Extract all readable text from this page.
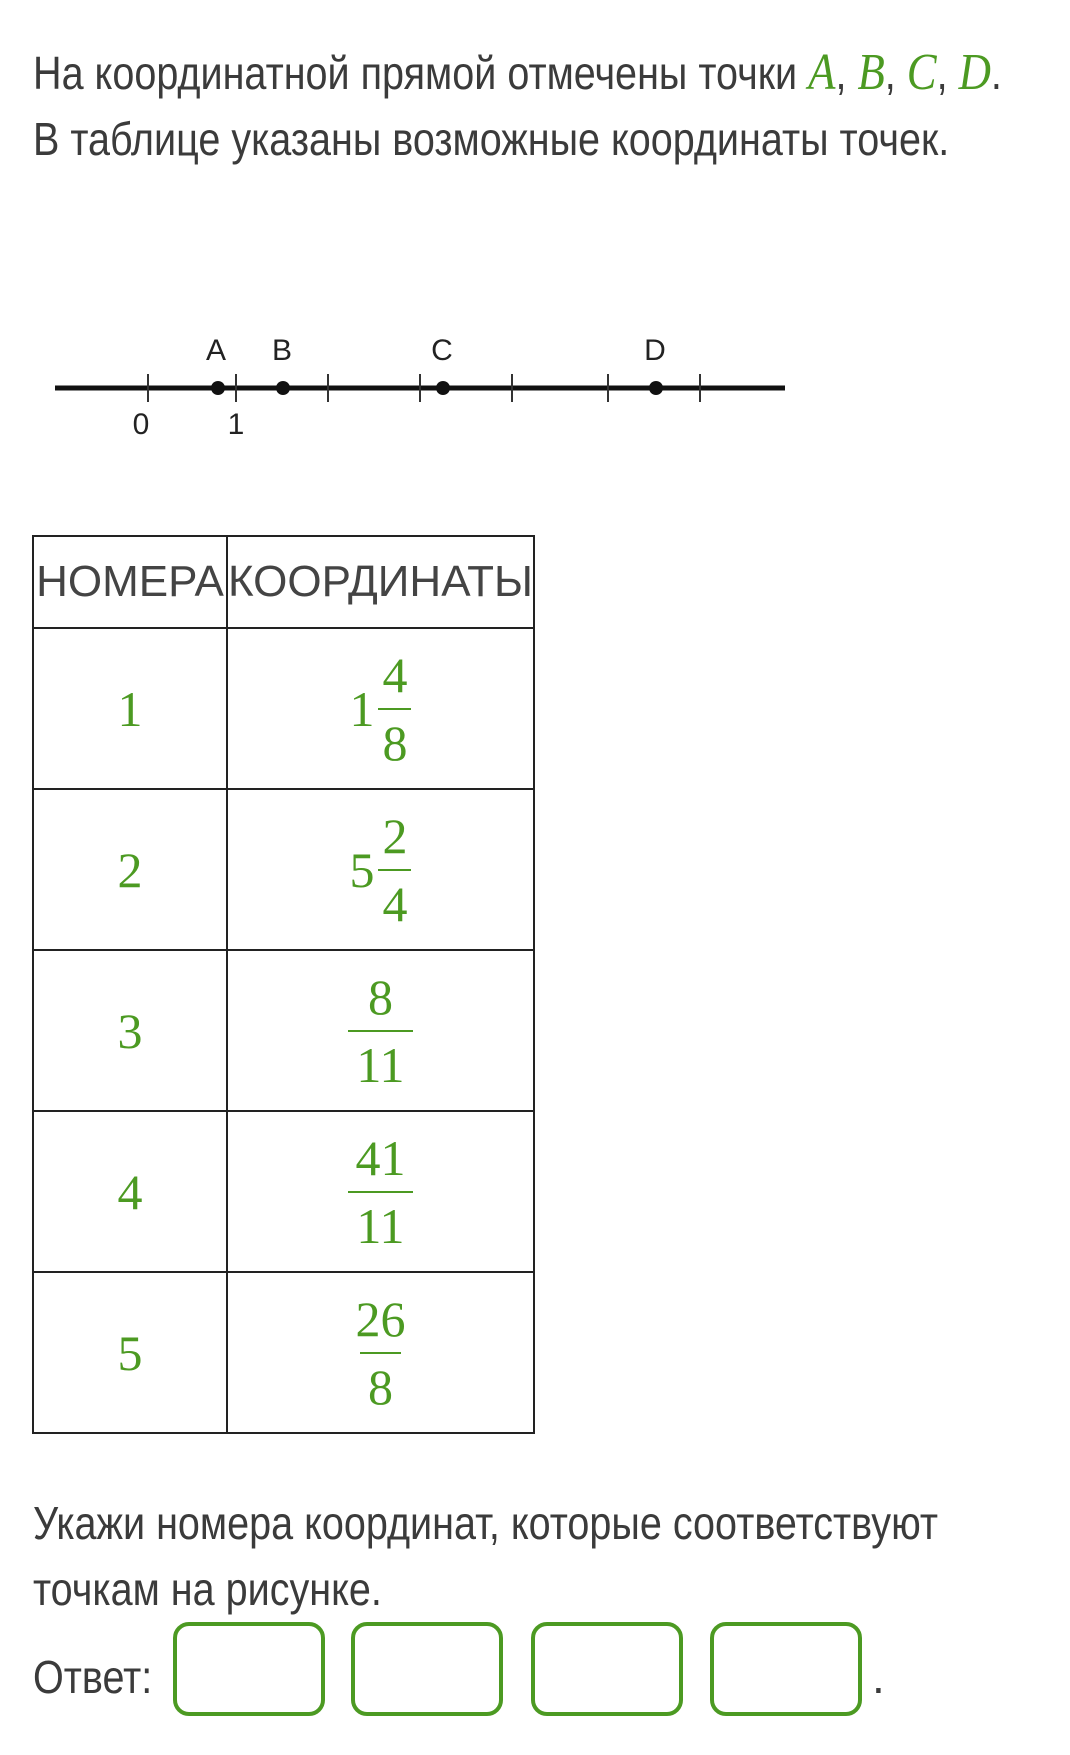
На координатной прямой отмечены точки A, B, C, D. В таблице указаны возможные координаты точек.
A B	C	D
0	1
НОМЕРА	КООРДИНАТЫ
1	$1 \frac{4}{8}$

2	$5 \frac{2}{4}$

3	$\frac{8}{11}$

4	$\frac{41}{11}$

5	$\frac{26}{8}$
Укажи номера координат, которые соответствуют точкам на рисунке.
Ответ:	.
